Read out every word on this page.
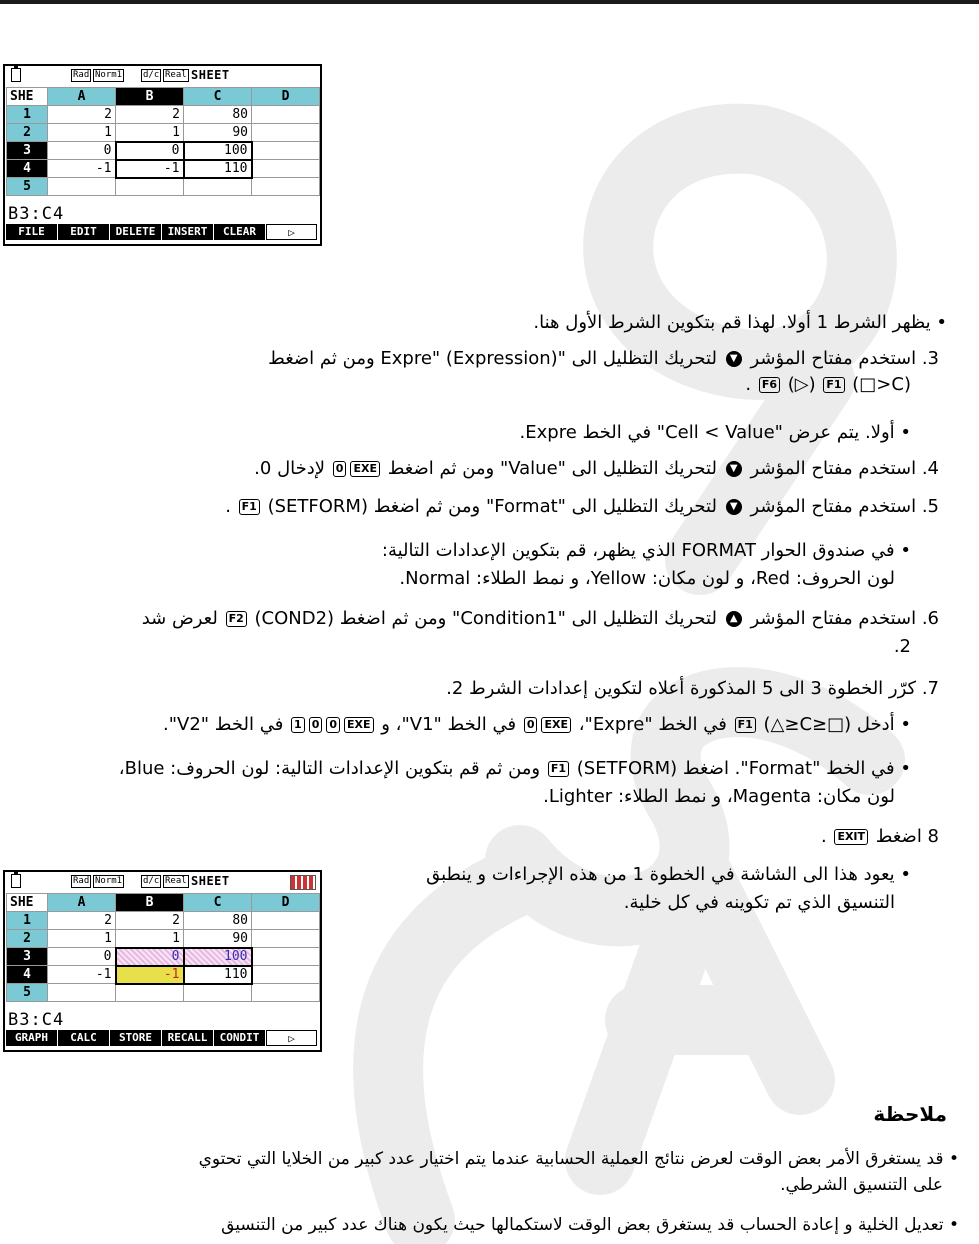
Rad Norm1 d/c Real SHEET
SHE	A	B	C	D
1	2	2	80	
2	1	1	90	
3	0	0	100	
4	-1	-1	110	
5				
B3:C4
FILE	EDIT	DELETE	INSERT	CLEAR	▷
• يظهر الشرط 1 أولا. لهذا قم بتكوين الشرط الأول هنا.
3. استخدم مفتاح المؤشر ▼ لتحريك التظليل الى "Expre" (Expression) ومن ثم اضغط
(C<□) F1 (▷) F6 .
• أولا. يتم عرض "Cell < Value" في الخط Expre.
4. استخدم مفتاح المؤشر ▼ لتحريك التظليل الى "Value" ومن ثم اضغط EXE0 لإدخال 0.
5. استخدم مفتاح المؤشر ▼ لتحريك التظليل الى "Format" ومن ثم اضغط (SETFORM) F1 .
• في صندوق الحوار FORMAT الذي يظهر، قم بتكوين الإعدادات التالية:
لون الحروف: Red، و لون مكان: Yellow، و نمط الطلاء: Normal.
6. استخدم مفتاح المؤشر ▲ لتحريك التظليل الى "Condition1" ومن ثم اضغط (COND2) F2 لعرض شد
2.
7. كرّر الخطوة 3 الى 5 المذكورة أعلاه لتكوين إعدادات الشرط 2.
• أدخل (□≤C≤△) F1 في الخط "Expre"، EXE0 في الخط "V1"، و EXE001 في الخط "V2".
• في الخط "Format". اضغط (SETFORM) F1 ومن ثم قم بتكوين الإعدادات التالية: لون الحروف: Blue،
لون مكان: Magenta، و نمط الطلاء: Lighter.
8 اضغط EXIT .
• يعود هذا الى الشاشة في الخطوة 1 من هذه الإجراءات و ينطبق
التنسيق الذي تم تكوينه في كل خلية.
Rad Norm1 d/c Real SHEET
SHE	A	B	C	D
1	2	2	80	
2	1	1	90	
3	0	0	100	
4	-1	-1	110	
5				
B3:C4
GRAPH	CALC	STORE	RECALL	CONDIT	▷
ملاحظة
• قد يستغرق الأمر بعض الوقت لعرض نتائج العملية الحسابية عندما يتم اختيار عدد كبير من الخلايا التي تحتوي
على التنسيق الشرطي.
• تعديل الخلية و إعادة الحساب قد يستغرق بعض الوقت لاستكمالها حيث يكون هناك عدد كبير من التنسيق
